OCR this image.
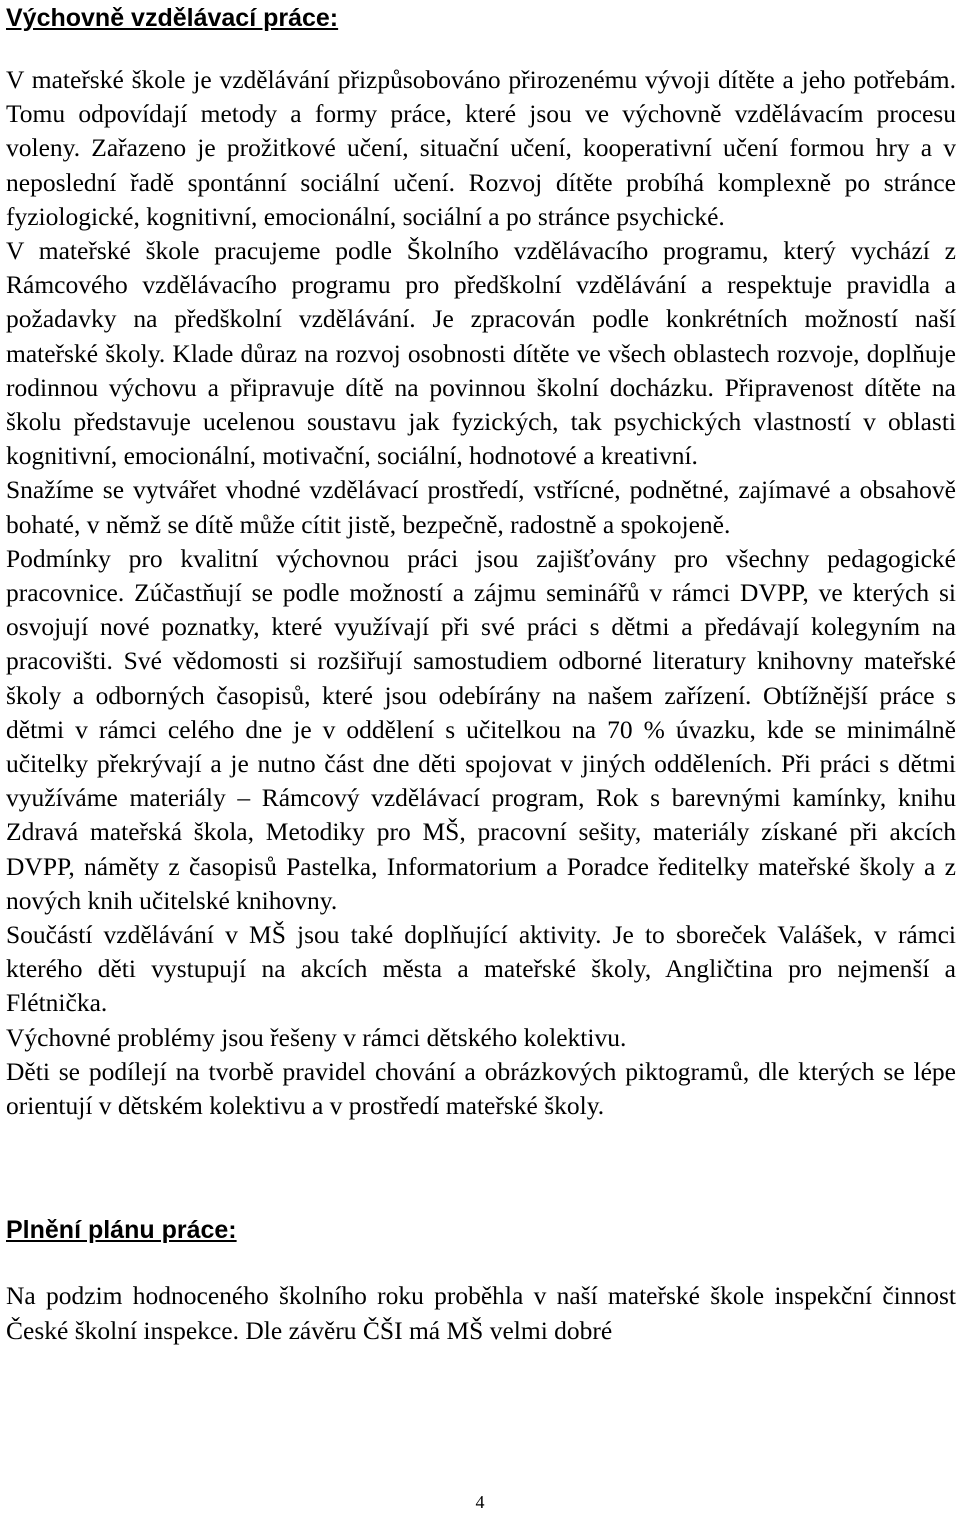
Výchovně vzdělávací práce:

V mateřské škole je vzdělávání přizpůsobováno přirozenému vývoji dítěte a jeho potřebám. Tomu odpovídají metody a formy práce, které jsou ve výchovně vzdělávacím procesu voleny. Zařazeno je prožitkové učení, situační učení, kooperativní učení formou hry a v neposlední řadě spontánní sociální učení. Rozvoj dítěte probíhá komplexně po stránce fyziologické, kognitivní, emocionální, sociální a po stránce psychické.

V mateřské škole pracujeme podle Školního vzdělávacího programu, který vychází z Rámcového vzdělávacího programu pro předškolní vzdělávání a respektuje pravidla a požadavky na předškolní vzdělávání. Je zpracován podle konkrétních možností naší mateřské školy. Klade důraz na rozvoj osobnosti dítěte ve všech oblastech rozvoje, doplňuje rodinnou výchovu a připravuje dítě na povinnou školní docházku. Připravenost dítěte na školu představuje ucelenou soustavu jak fyzických, tak psychických vlastností v oblasti kognitivní, emocionální, motivační, sociální, hodnotové a kreativní.

Snažíme se vytvářet vhodné vzdělávací prostředí, vstřícné, podnětné, zajímavé a obsahově bohaté, v němž se dítě může cítit jistě, bezpečně, radostně a spokojeně.

Podmínky pro kvalitní výchovnou práci jsou zajišťovány pro všechny pedagogické pracovnice. Zúčastňují se podle možností a zájmu seminářů v rámci DVPP, ve kterých si osvojují nové poznatky, které využívají při své práci s dětmi a předávají kolegyním na pracovišti. Své vědomosti si rozšiřují samostudiem odborné literatury knihovny mateřské školy a odborných časopisů, které jsou odebírány na našem zařízení. Obtížnější práce s dětmi v rámci celého dne je v oddělení s učitelkou na 70 % úvazku, kde se minimálně učitelky překrývají a je nutno část dne děti spojovat v jiných odděleních. Při práci s dětmi využíváme materiály – Rámcový vzdělávací program, Rok s barevnými kamínky, knihu Zdravá mateřská škola, Metodiky pro MŠ, pracovní sešity, materiály získané při akcích DVPP, náměty z časopisů Pastelka, Informatorium a Poradce ředitelky mateřské školy a z nových knih učitelské knihovny.

Součástí vzdělávání v MŠ jsou také doplňující aktivity. Je to sboreček Valášek, v rámci kterého děti vystupují na akcích města a mateřské školy, Angličtina pro nejmenší a Flétnička.

Výchovné problémy jsou řešeny v rámci dětského kolektivu.

Děti se podílejí na tvorbě pravidel chování a obrázkových piktogramů, dle kterých se lépe orientují v dětském kolektivu a v prostředí mateřské školy.

Plnění plánu práce:

Na podzim hodnoceného školního roku proběhla v naší mateřské škole inspekční činnost České školní inspekce. Dle závěru ČŠI má MŠ velmi dobré

4
